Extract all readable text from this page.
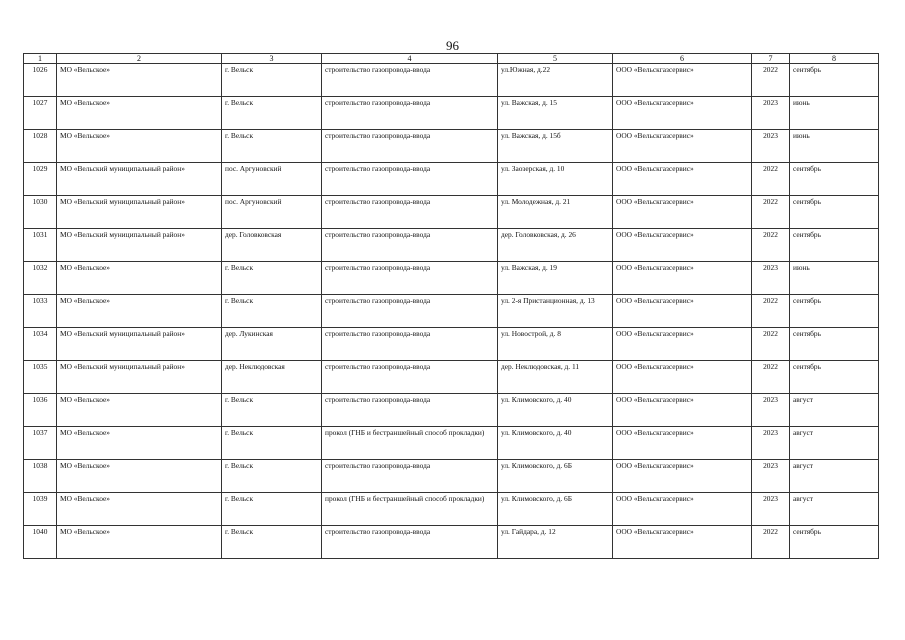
96
1	2	3	4	5	6	7	8
1026	МО «Вельское»	г. Вельск	строительство газопровода-ввода	ул.Южная, д.22	ООО «Вельскгазсервис»	2022	сентябрь
1027	МО «Вельское»	г. Вельск	строительство газопровода-ввода	ул. Важская, д. 15	ООО «Вельскгазсервис»	2023	июнь
1028	МО «Вельское»	г. Вельск	строительство газопровода-ввода	ул. Важская, д. 15б	ООО «Вельскгазсервис»	2023	июнь
1029	МО «Вельский муниципальный район»	пос. Аргуновский	строительство газопровода-ввода	ул. Заозерская, д. 10	ООО «Вельскгазсервис»	2022	сентябрь
1030	МО «Вельский муниципальный район»	пос. Аргуновский	строительство газопровода-ввода	ул. Молодежная, д. 21	ООО «Вельскгазсервис»	2022	сентябрь
1031	МО «Вельский муниципальный район»	дер. Головковская	строительство газопровода-ввода	дер. Головковская, д. 26	ООО «Вельскгазсервис»	2022	сентябрь
1032	МО «Вельское»	г. Вельск	строительство газопровода-ввода	ул. Важская, д. 19	ООО «Вельскгазсервис»	2023	июнь
1033	МО «Вельское»	г. Вельск	строительство газопровода-ввода	ул. 2-я Пристанционная, д. 13	ООО «Вельскгазсервис»	2022	сентябрь
1034	МО «Вельский муниципальный район»	дер. Лукинская	строительство газопровода-ввода	ул. Новострой, д. 8	ООО «Вельскгазсервис»	2022	сентябрь
1035	МО «Вельский муниципальный район»	дер. Неклюдовская	строительство газопровода-ввода	дер. Неклюдовская, д. 11	ООО «Вельскгазсервис»	2022	сентябрь
1036	МО «Вельское»	г. Вельск	строительство газопровода-ввода	ул. Климовского, д. 40	ООО «Вельскгазсервис»	2023	август
1037	МО «Вельское»	г. Вельск	прокол (ГНБ и бестраншейный способ прокладки)	ул. Климовского, д. 40	ООО «Вельскгазсервис»	2023	август
1038	МО «Вельское»	г. Вельск	строительство газопровода-ввода	ул. Климовского, д. 6Б	ООО «Вельскгазсервис»	2023	август
1039	МО «Вельское»	г. Вельск	прокол (ГНБ и бестраншейный способ прокладки)	ул. Климовского, д. 6Б	ООО «Вельскгазсервис»	2023	август
1040	МО «Вельское»	г. Вельск	строительство газопровода-ввода	ул. Гайдара, д. 12	ООО «Вельскгазсервис»	2022	сентябрь
